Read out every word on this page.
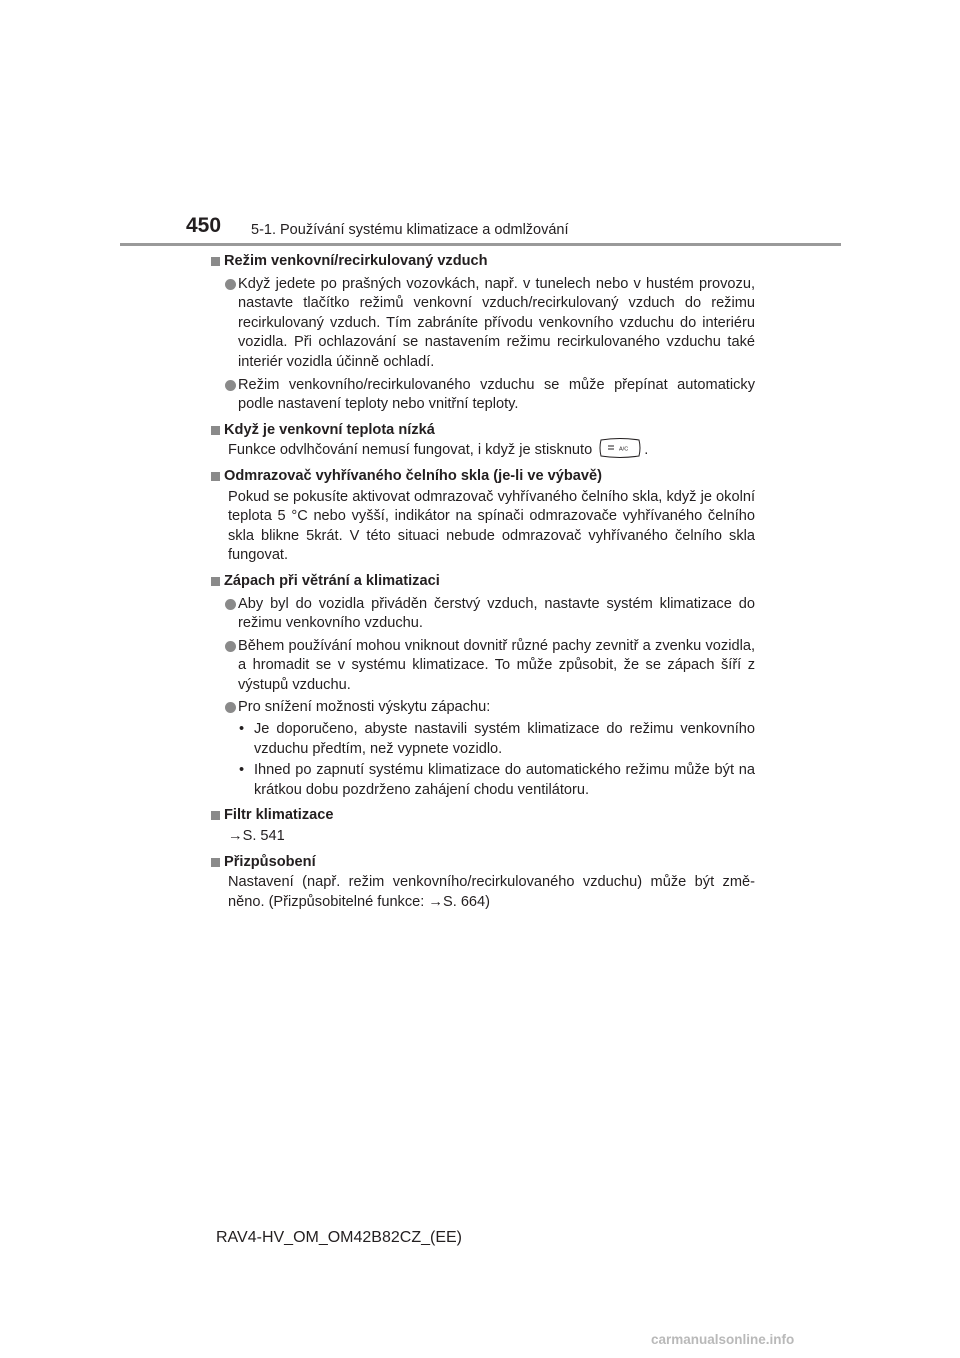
450 5-1. Používání systému klimatizace a odmlžování
Režim venkovní/recirkulovaný vzduch
Když jedete po prašných vozovkách, např. v tunelech nebo v hustém provozu, nastavte tlačítko režimů venkovní vzduch/recirkulovaný vzduch do režimu recirkulovaný vzduch. Tím zabráníte přívodu venkovního vzduchu do interiéru vozidla. Při ochlazování se nastavením režimu recirkulovaného vzduchu také interiér vozidla účinně ochladí.
Režim venkovního/recirkulovaného vzduchu se může přepínat automaticky podle nastavení teploty nebo vnitřní teploty.
Když je venkovní teplota nízká
Funkce odvlhčování nemusí fungovat, i když je stisknuto	A/C .
Odmrazovač vyhřívaného čelního skla (je-li ve výbavě)
Pokud se pokusíte aktivovat odmrazovač vyhřívaného čelního skla, když je okolní teplota 5 °C nebo vyšší, indikátor na spínači odmrazovače vyhřívaného čelního skla blikne 5krát. V této situaci nebude odmrazovač vyhřívaného čelního skla fungovat.
Zápach při větrání a klimatizaci
Aby byl do vozidla přiváděn čerstvý vzduch, nastavte systém klimatizace do režimu venkovního vzduchu.
Během používání mohou vniknout dovnitř různé pachy zevnitř a zvenku vozidla, a hromadit se v systému klimatizace. To může způsobit, že se zápach šíří z výstupů vzduchu.
Pro snížení možnosti výskytu zápachu:
• Je doporučeno, abyste nastavili systém klimatizace do režimu venkovního vzduchu předtím, než vypnete vozidlo.
• Ihned po zapnutí systému klimatizace do automatického režimu může být na krátkou dobu pozdrženo zahájení chodu ventilátoru.
Filtr klimatizace
→S. 541
Přizpůsobení
Nastavení (např. režim venkovního/recirkulovaného vzduchu) může být změněno. (Přizpůsobitelné funkce: →S. 664)
RAV4-HV_OM_OM42B82CZ_(EE)
carmanualsonline.info
